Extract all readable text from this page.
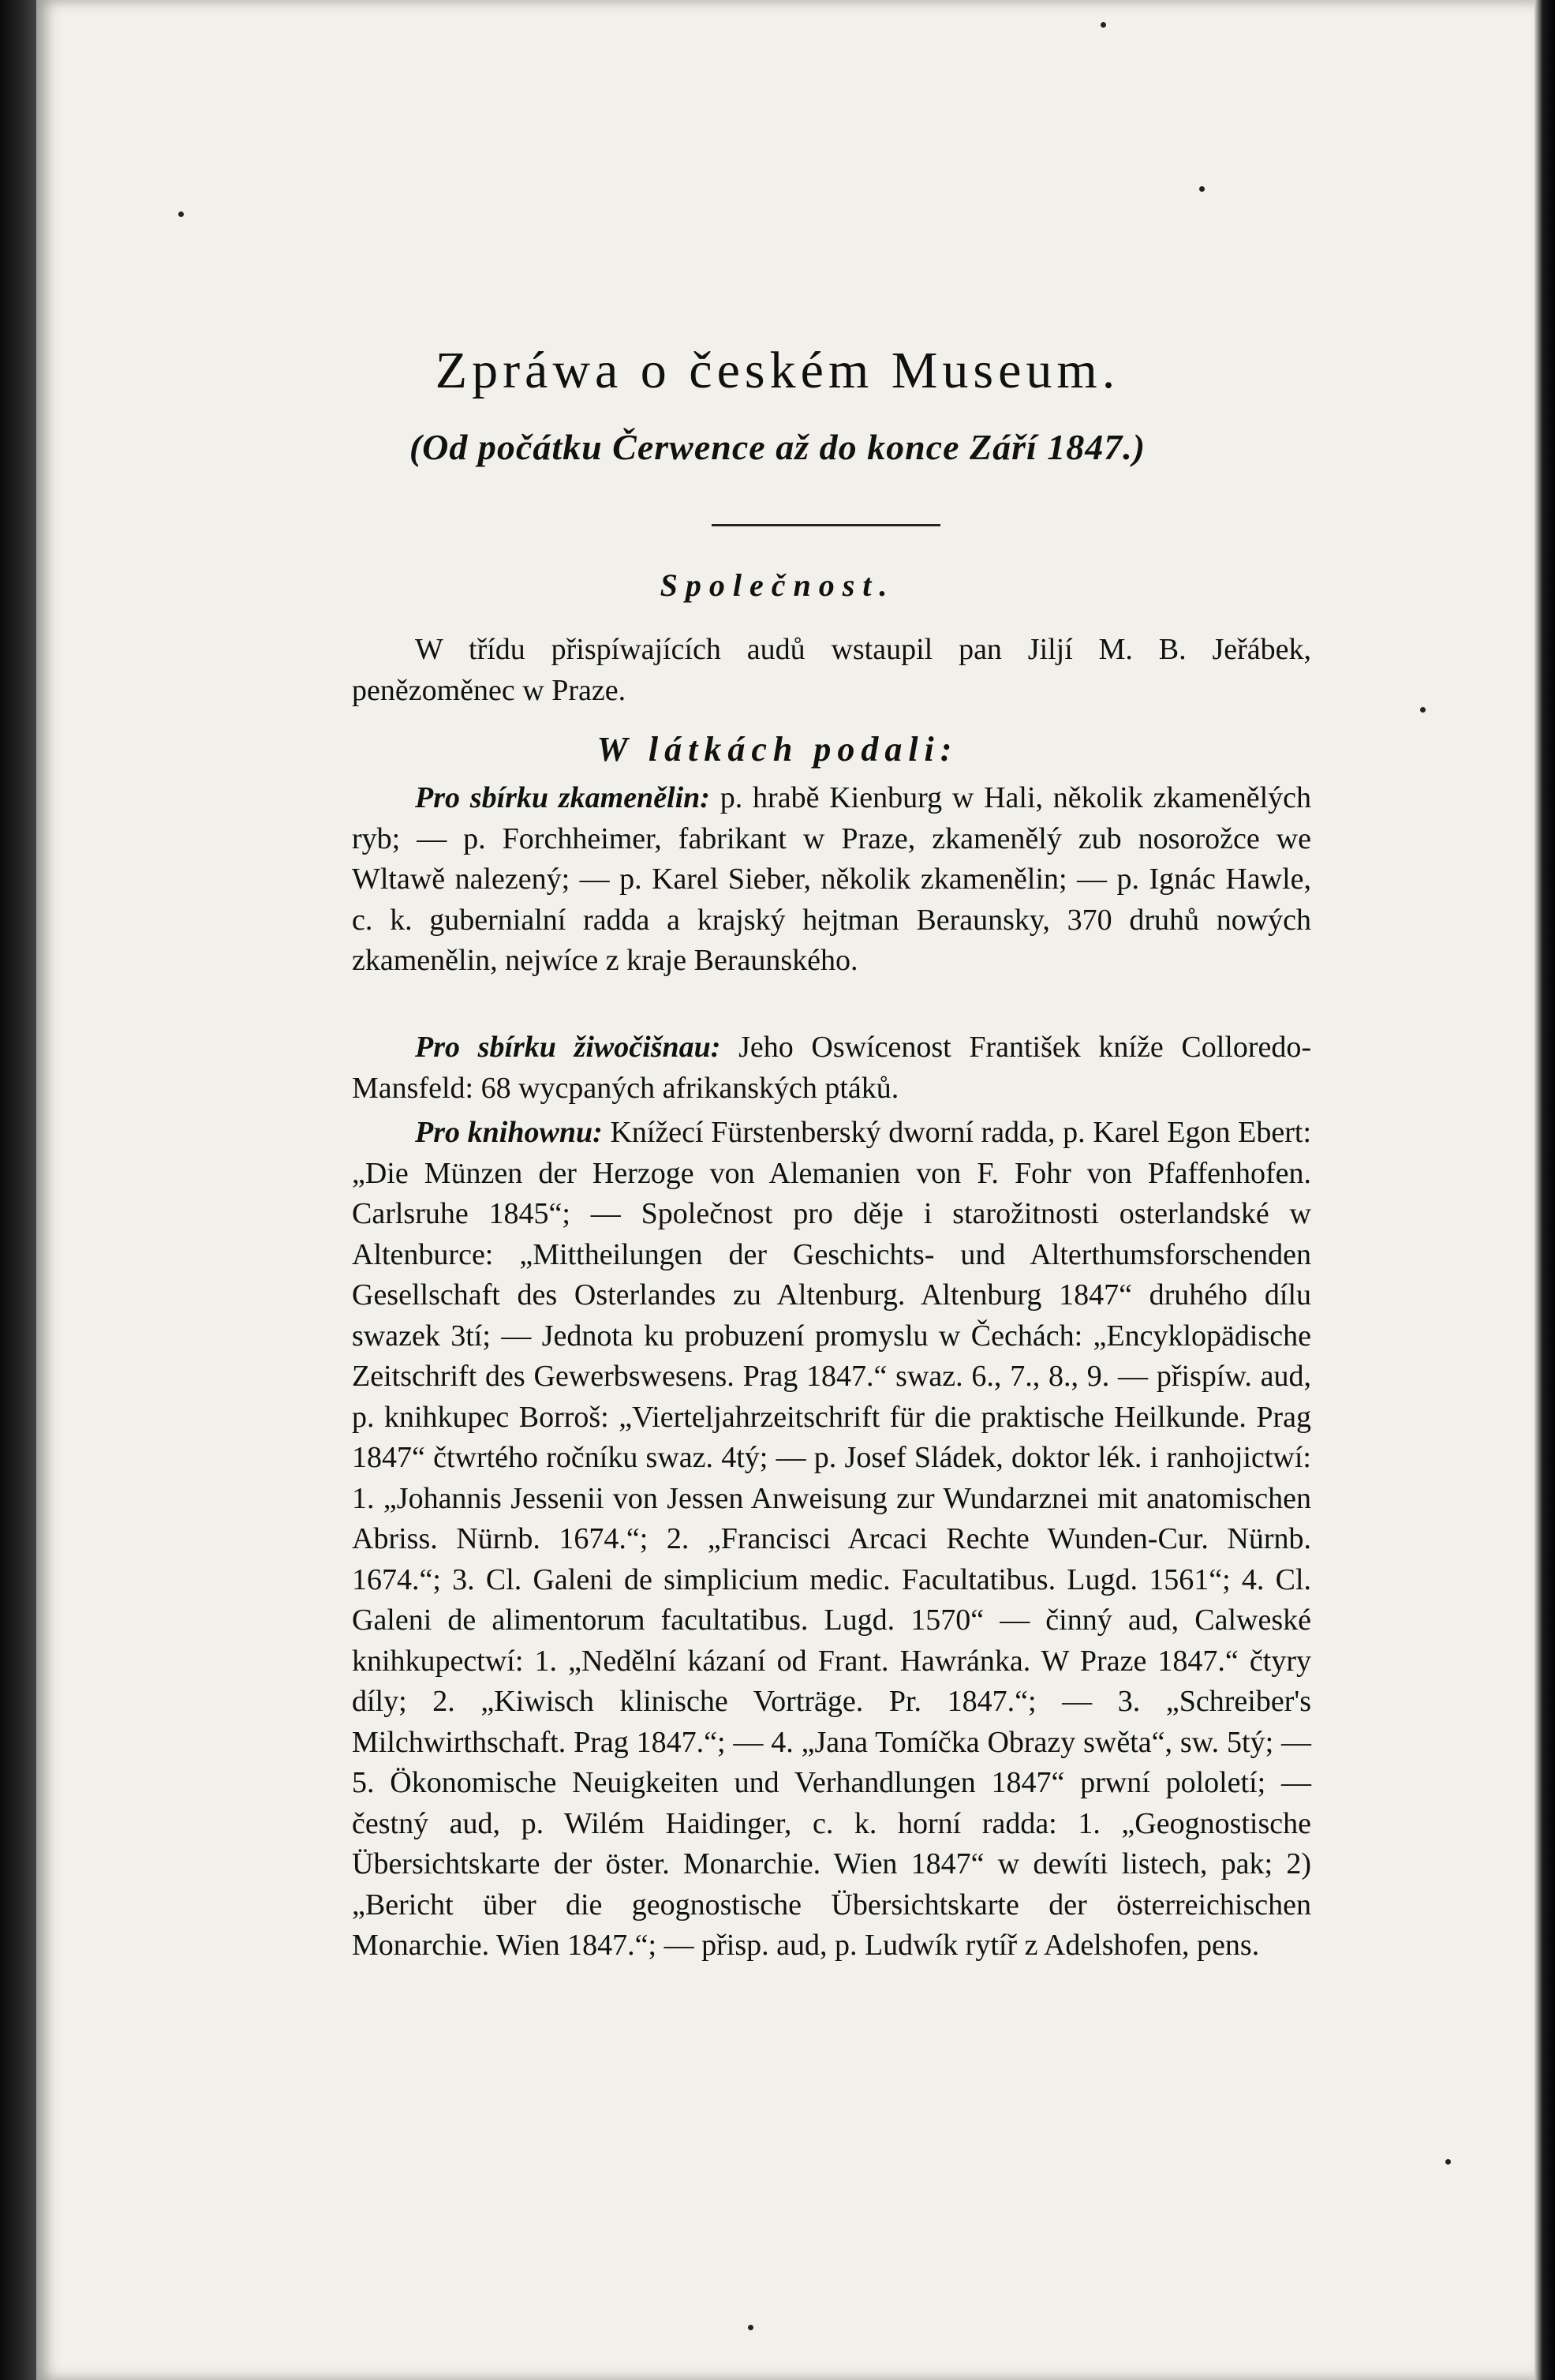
Zpráwa o českém Museum.
(Od počátku Čerwence až do konce Září 1847.)
Společnost.

W třídu přispíwajících audů wstaupil pan Jiljí M. B. Jeřábek, penězoměnec w Praze.

W látkách podali:

Pro sbírku zkamenělin: p. hrabě Kienburg w Hali, několik zkamenělých ryb; — p. Forchheimer, fabrikant w Praze, zkamenělý zub nosorožce we Wltawě nalezený; — p. Karel Sieber, několik zkamenělin; — p. Ignác Hawle, c. k. gubernialní radda a krajský hejtman Beraunsky, 370 druhů nowých zkamenělin, nejwíce z kraje Beraunského.

Pro sbírku žiwočišnau: Jeho Oswícenost František kníže Colloredo-Mansfeld: 68 wycpaných afrikanských ptáků.

Pro knihownu: Knížecí Fürstenberský dworní radda, p. Karel Egon Ebert: „Die Münzen der Herzoge von Alemanien von F. Fohr von Pfaffenhofen. Carlsruhe 1845“; — Společnost pro děje i starožitnosti osterlandské w Altenburce: „Mittheilungen der Geschichts- und Alterthumsforschenden Gesellschaft des Osterlandes zu Altenburg. Altenburg 1847“ druhého dílu swazek 3tí; — Jednota ku probuzení promyslu w Čechách: „Encyklopädische Zeitschrift des Gewerbswesens. Prag 1847.“ swaz. 6., 7., 8., 9. — přispíw. aud, p. knihkupec Borroš: „Vierteljahrzeitschrift für die praktische Heilkunde. Prag 1847“ čtwrtého ročníku swaz. 4tý; — p. Josef Sládek, doktor lék. i ranhojictwí: 1. „Johannis Jessenii von Jessen Anweisung zur Wundarznei mit anatomischen Abriss. Nürnb. 1674.“; 2. „Francisci Arcaci Rechte Wunden-Cur. Nürnb. 1674.“; 3. Cl. Galeni de simplicium medic. Facultatibus. Lugd. 1561“; 4. Cl. Galeni de alimentorum facultatibus. Lugd. 1570“ — činný aud, Calweské knihkupectwí: 1. „Nedělní kázaní od Frant. Hawránka. W Praze 1847.“ čtyry díly; 2. „Kiwisch klinische Vorträge. Pr. 1847.“; — 3. „Schreiber's Milchwirthschaft. Prag 1847.“; — 4. „Jana Tomíčka Obrazy swěta“, sw. 5tý; — 5. Ökonomische Neuigkeiten und Verhandlungen 1847“ prwní pololetí; — čestný aud, p. Wilém Haidinger, c. k. horní radda: 1. „Geognostische Übersichtskarte der öster. Monarchie. Wien 1847“ w dewíti listech, pak; 2) „Bericht über die geognostische Übersichtskarte der österreichischen Monarchie. Wien 1847.“; — přisp. aud, p. Ludwík rytíř z Adelshofen, pens.
